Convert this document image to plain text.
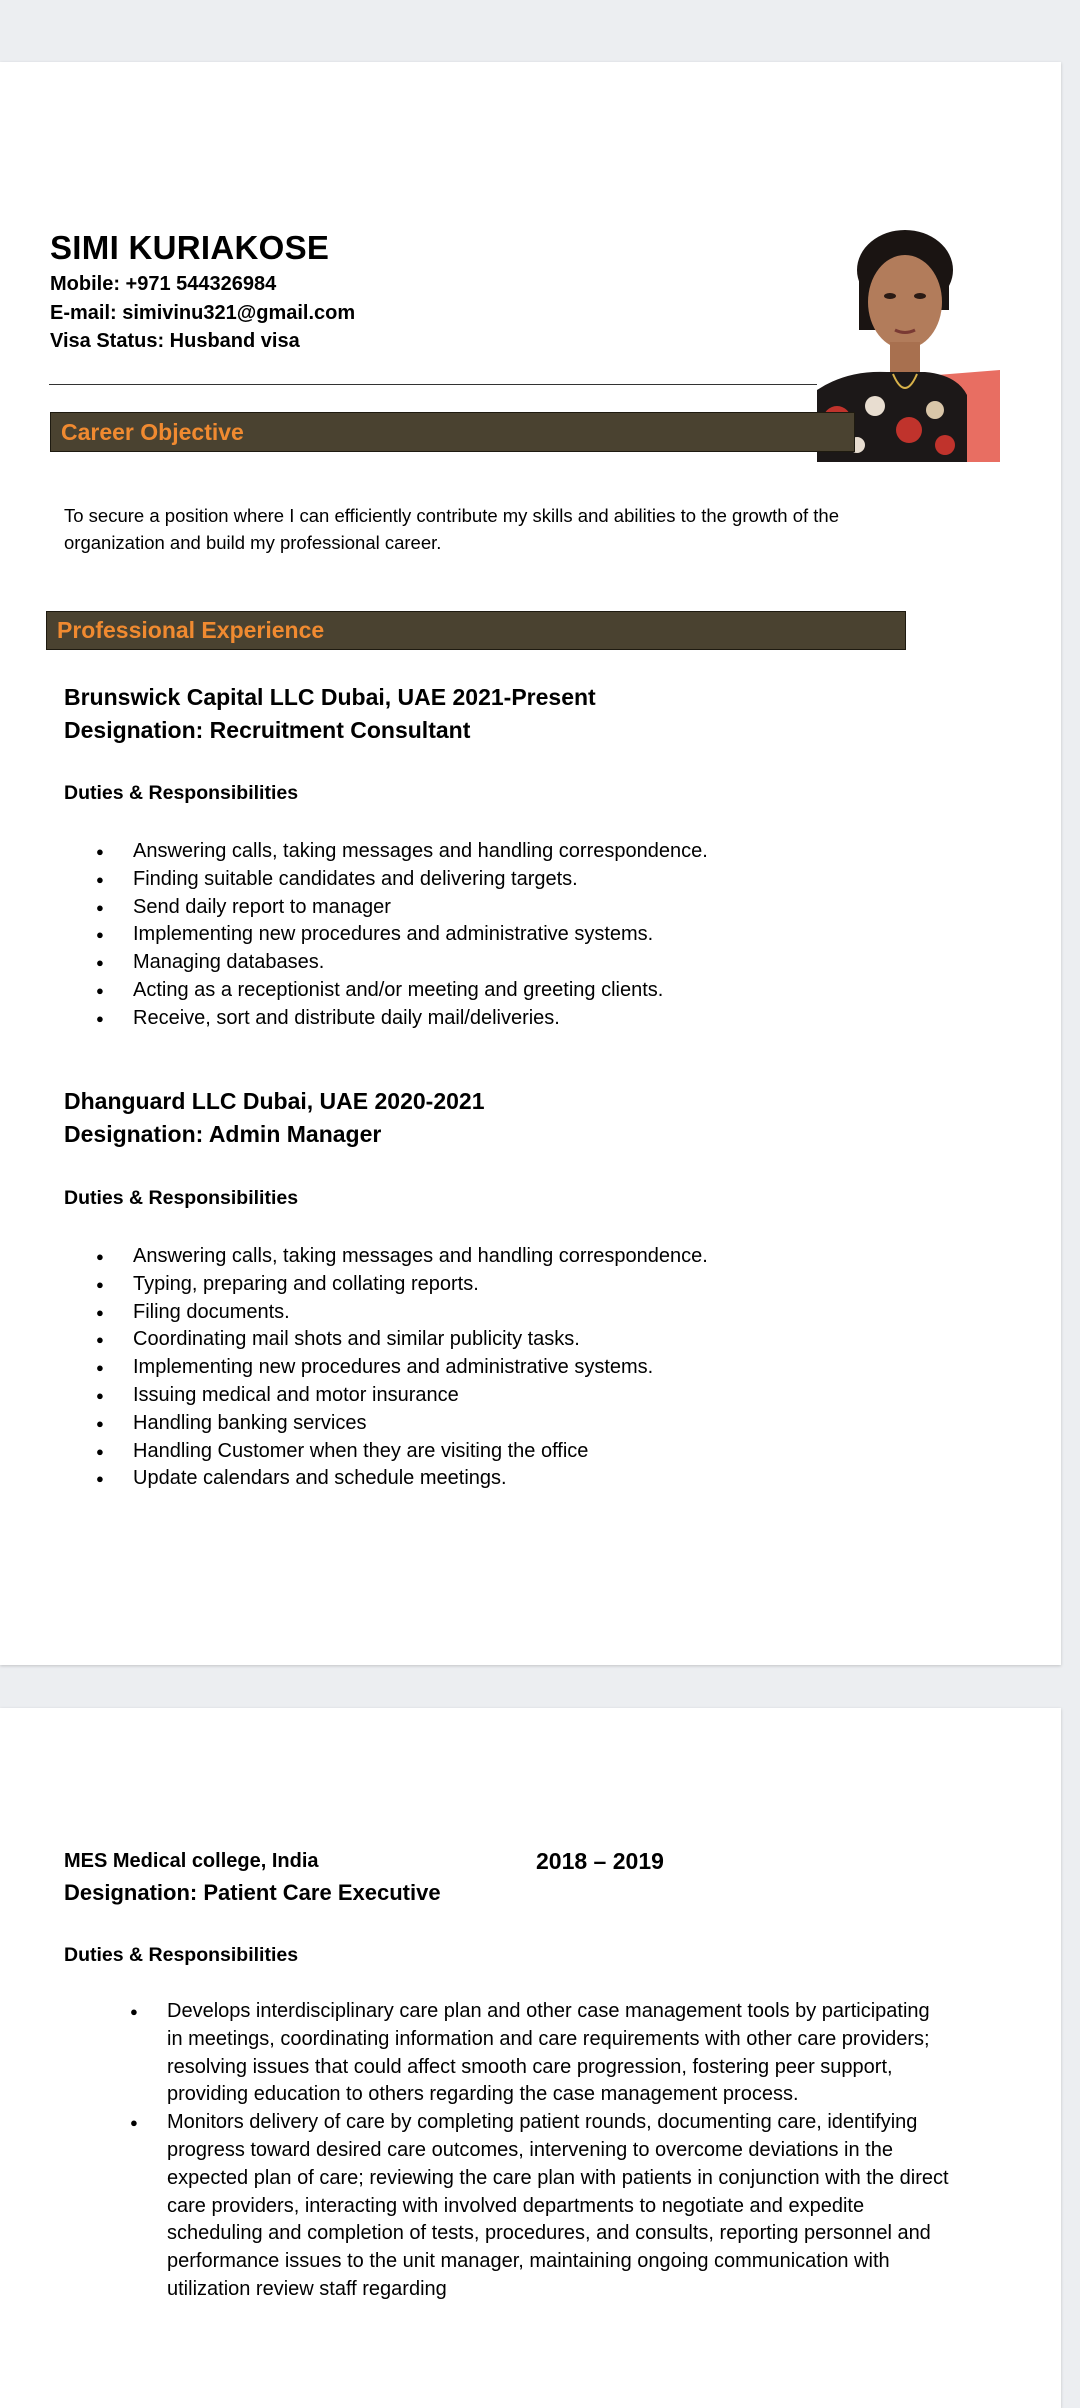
SIMI KURIAKOSE

Mobile: +971 544326984

E-mail: simivinu321@gmail.com

Visa Status: Husband visa

Career Objective

To secure a position where I can efficiently contribute my skills and abilities to the growth of the organization and build my professional career.

Professional Experience

Brunswick Capital LLC Dubai, UAE 2021-Present

Designation: Recruitment Consultant

Duties & Responsibilities

● Answering calls, taking messages and handling correspondence.
● Finding suitable candidates and delivering targets.
● Send daily report to manager
● Implementing new procedures and administrative systems.
● Managing databases.
● Acting as a receptionist and/or meeting and greeting clients.
● Receive, sort and distribute daily mail/deliveries.

Dhanguard LLC Dubai, UAE 2020-2021

Designation: Admin Manager

Duties & Responsibilities

● Answering calls, taking messages and handling correspondence.
● Typing, preparing and collating reports.
● Filing documents.
● Coordinating mail shots and similar publicity tasks.
● Implementing new procedures and administrative systems.
● Issuing medical and motor insurance
● Handling banking services
● Handling Customer when they are visiting the office
● Update calendars and schedule meetings.

MES Medical college, India	2018 – 2019

Designation: Patient Care Executive

Duties & Responsibilities

● Develops interdisciplinary care plan and other case management tools by participating in meetings, coordinating information and care requirements with other care providers; resolving issues that could affect smooth care progression, fostering peer support, providing education to others regarding the case management process.
● Monitors delivery of care by completing patient rounds, documenting care, identifying progress toward desired care outcomes, intervening to overcome deviations in the expected plan of care; reviewing the care plan with patients in conjunction with the direct care providers, interacting with involved departments to negotiate and expedite scheduling and completion of tests, procedures, and consults, reporting personnel and performance issues to the unit manager, maintaining ongoing communication with utilization review staff regarding
